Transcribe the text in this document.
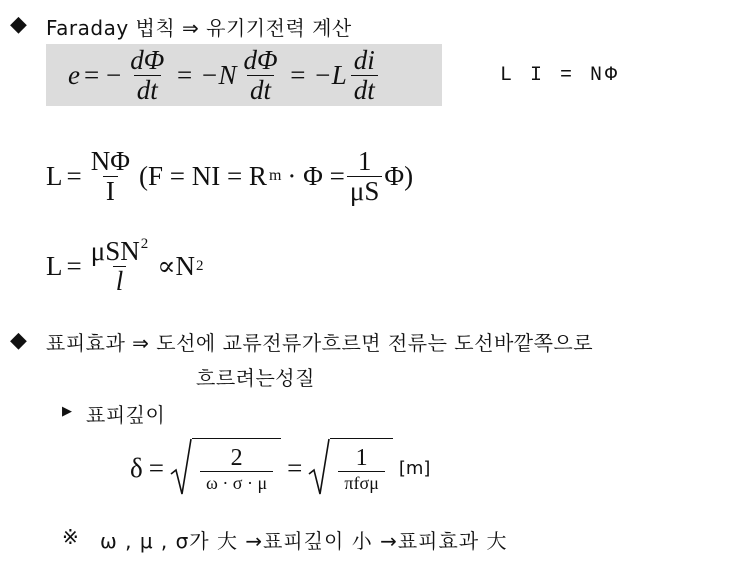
◆ Faraday 법칙 ⇒ 유기기전력 계산
e = − $\frac{d\Phi}{dt} = -N \frac{d\Phi}{dt} = -L \frac{di}{dt}$	L I = NΦ
$L = \frac{N\Phi}{I}$ ( F = NI = R $m \cdot \Phi = \frac{1}{\mu S} \Phi$)
$L = \frac{\mu SN^2}{l} \propto N$ 2
◆ 표피효과 ⇒ 도선에 교류전류가흐르면 전류는 도선바깥쪽으로
흐르려는성질
▶ 표피깊이
$\delta = \frac{2}{\omega \cdot \sigma \cdot \mu} = \frac{1}{\text{πfσμ}} [m]$
※ ω , μ , σ가 大 →표피깊이 小 →표피효과 大
